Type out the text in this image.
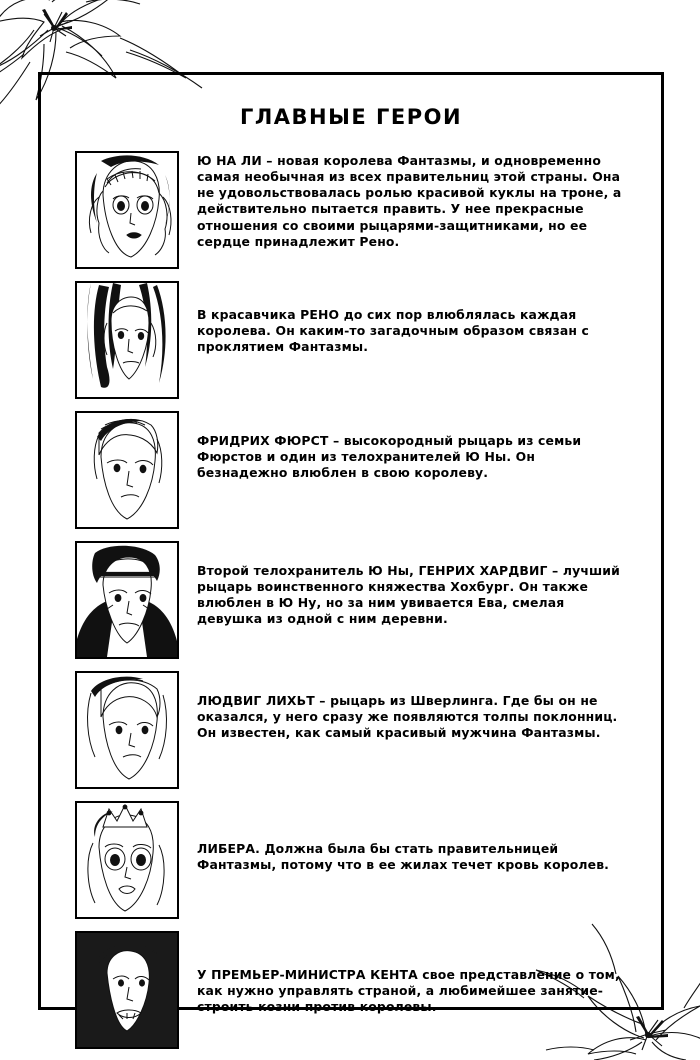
ГЛАВНЫЕ ГЕРОИ
Ю НА ЛИ – новая королева Фантазмы, и одновременно самая необычная из всех правительниц этой страны. Она не удовольствовалась ролью красивой куклы на троне, а действительно пытается править. У нее прекрасные отношения со своими рыцарями-защитниками, но ее сердце принадлежит Рено.
В красавчика РЕНО до сих пор влюблялась каждая королева. Он каким-то загадочным образом связан с проклятием Фантазмы.
ФРИДРИХ ФЮРСТ – высокородный рыцарь из семьи Фюрстов и один из телохранителей Ю Ны. Он безнадежно влюблен в свою королеву.
Второй телохранитель Ю Ны, ГЕНРИХ ХАРДВИГ – лучший рыцарь воинственного княжества Хохбург. Он также влюблен в Ю Ну, но за ним увивается Ева, смелая девушка из одной с ним деревни.
ЛЮДВИГ ЛИХЬТ – рыцарь из Шверлинга. Где бы он не оказался, у него сразу же появляются толпы поклонниц. Он известен, как самый красивый мужчина Фантазмы.
ЛИБЕРА. Должна была бы стать правительницей Фантазмы, потому что в ее жилах течет кровь королев.
У ПРЕМЬЕР-МИНИСТРА КЕНТА свое представление о том, как нужно управлять страной, а любимейшее занятие-строить козни против королевы.
